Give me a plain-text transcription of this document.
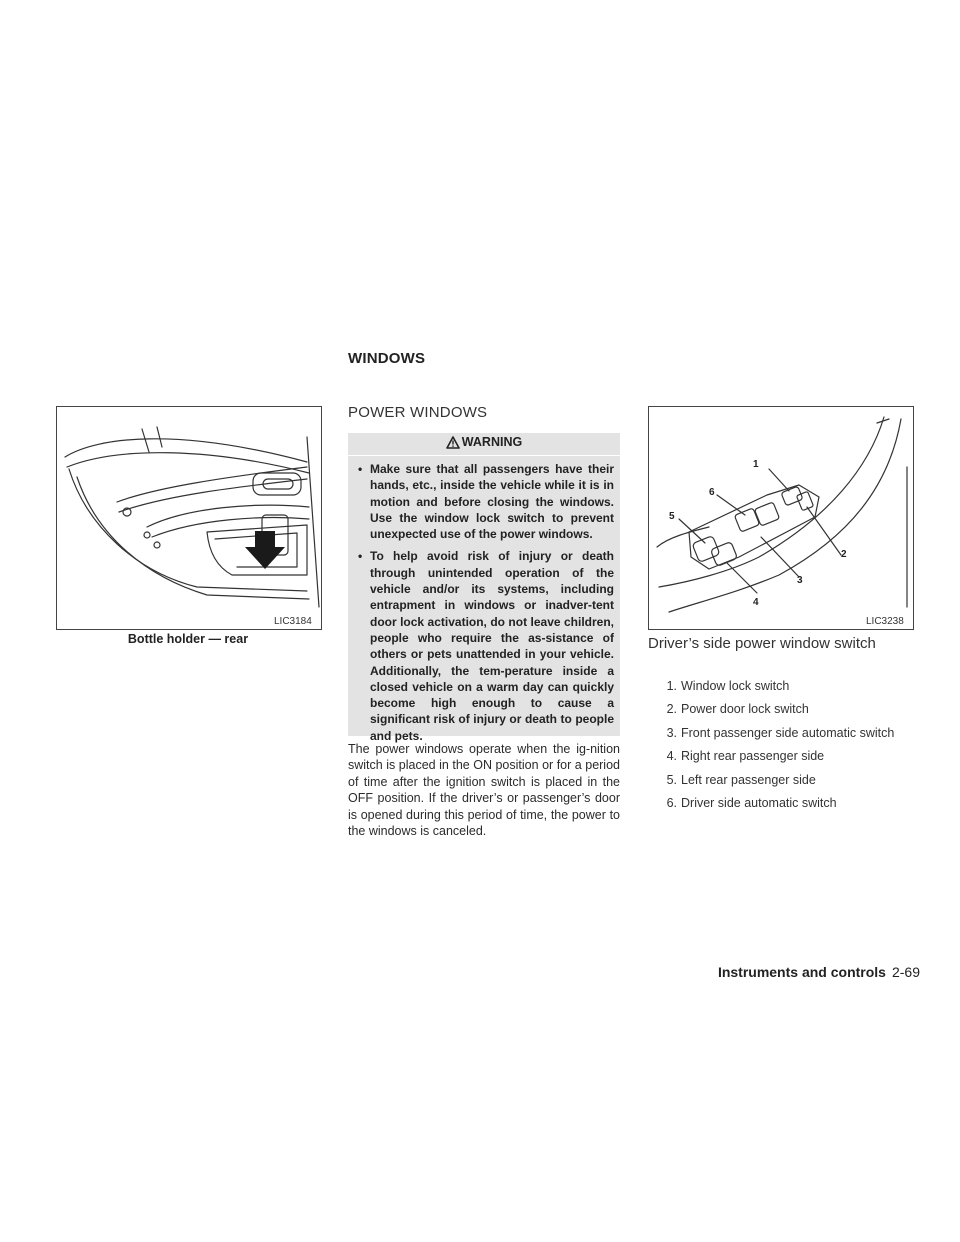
WINDOWS
LIC3184
Bottle holder — rear
POWER WINDOWS
WARNING
• Make sure that all passengers have their hands, etc., inside the vehicle while it is in motion and before closing the windows. Use the window lock switch to prevent unexpected use of the power windows.
• To help avoid risk of injury or death through unintended operation of the vehicle and/or its systems, including entrapment in windows or inadver-tent door lock activation, do not leave children, people who require the as-sistance of others or pets unattended in your vehicle. Additionally, the tem-perature inside a closed vehicle on a warm day can quickly become high enough to cause a significant risk of injury or death to people and pets.
The power windows operate when the ig-nition switch is placed in the ON position or for a period of time after the ignition switch is placed in the OFF position. If the driver’s or passenger’s door is opened during this period of time, the power to the windows is canceled.
1
2
3
4
5
6
LIC3238
Driver’s side power window switch
1. Window lock switch
2. Power door lock switch
3. Front passenger side automatic switch
4. Right rear passenger side
5. Left rear passenger side
6. Driver side automatic switch
Instruments and controls 2-69
